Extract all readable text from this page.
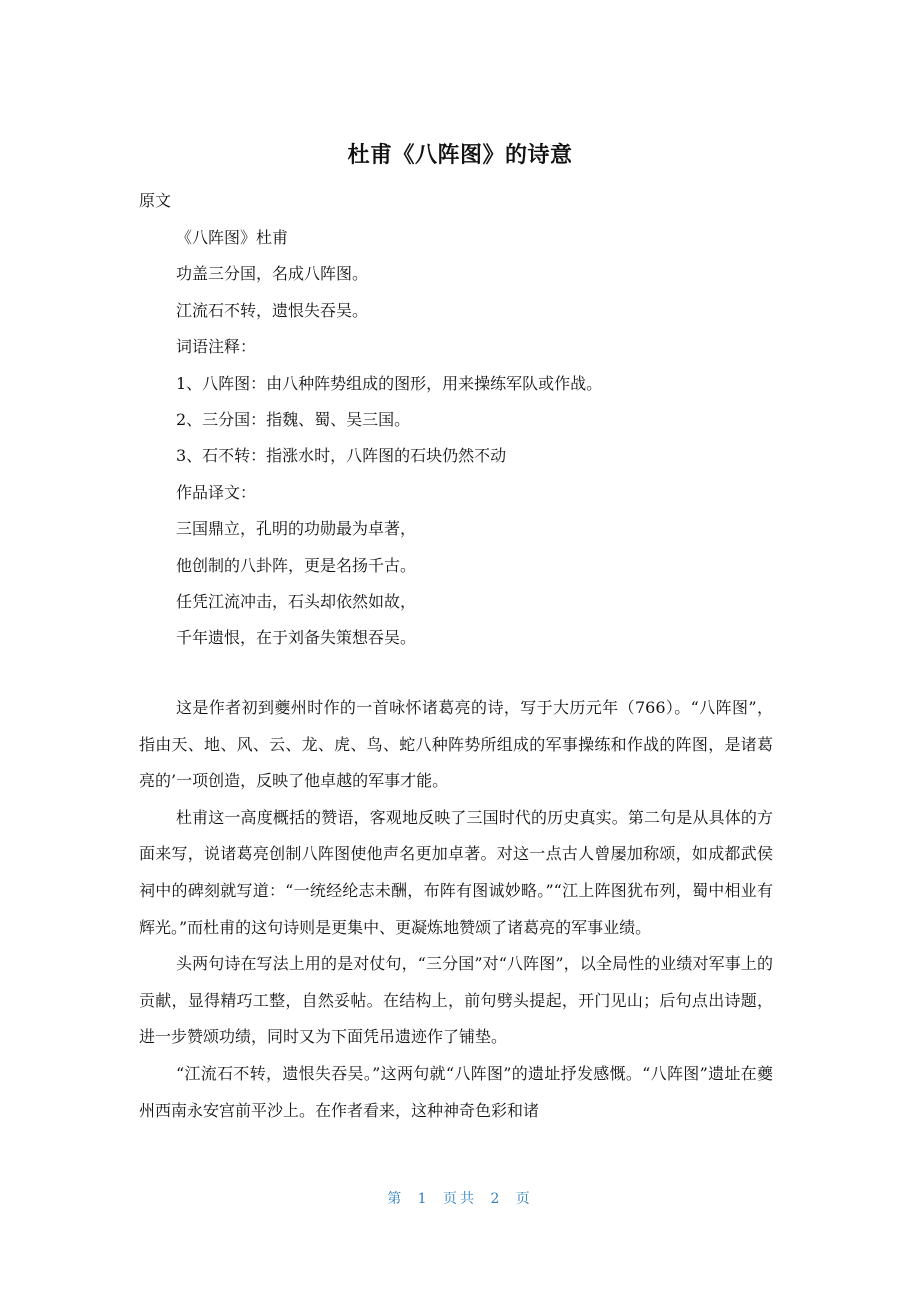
杜甫《八阵图》的诗意
原文
《八阵图》杜甫
功盖三分国，名成八阵图。
江流石不转，遗恨失吞吴。
词语注释：
1、八阵图：由八种阵势组成的图形，用来操练军队或作战。
2、三分国：指魏、蜀、吴三国。
3、石不转：指涨水时，八阵图的石块仍然不动
作品译文：
三国鼎立，孔明的功勋最为卓著，
他创制的八卦阵，更是名扬千古。
任凭江流冲击，石头却依然如故，
千年遗恨，在于刘备失策想吞吴。

这是作者初到夔州时作的一首咏怀诸葛亮的诗，写于大历元年（766）。“八阵图”，指由天、地、风、云、龙、虎、鸟、蛇八种阵势所组成的军事操练和作战的阵图，是诸葛亮的’一项创造，反映了他卓越的军事才能。

杜甫这一高度概括的赞语，客观地反映了三国时代的历史真实。第二句是从具体的方面来写，说诸葛亮创制八阵图使他声名更加卓著。对这一点古人曾屡加称颂，如成都武侯祠中的碑刻就写道：“一统经纶志未酬，布阵有图诚妙略。”“江上阵图犹布列，蜀中相业有辉光。”而杜甫的这句诗则是更集中、更凝炼地赞颂了诸葛亮的军事业绩。

头两句诗在写法上用的是对仗句，“三分国”对“八阵图”，以全局性的业绩对军事上的贡献，显得精巧工整，自然妥帖。在结构上，前句劈头提起，开门见山；后句点出诗题，进一步赞颂功绩，同时又为下面凭吊遗迹作了铺垫。

“江流石不转，遗恨失吞吴。”这两句就“八阵图”的遗址抒发感慨。“八阵图”遗址在夔州西南永安宫前平沙上。在作者看来，这种神奇色彩和诸

第 1 页共 2 页
